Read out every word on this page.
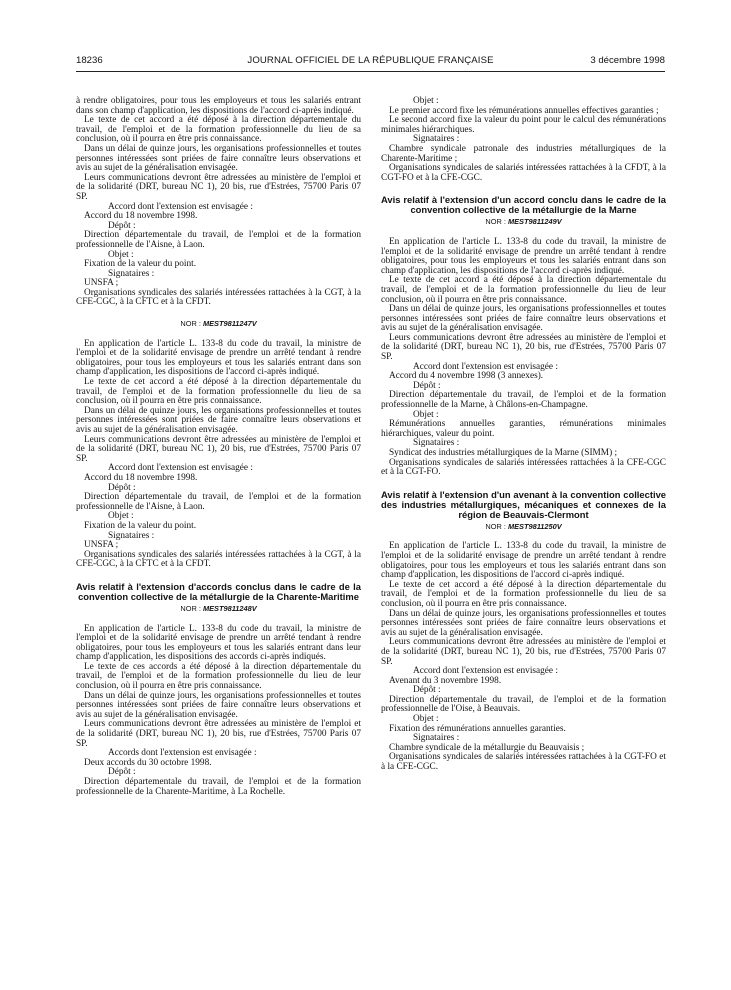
18236	JOURNAL OFFICIEL DE LA RÉPUBLIQUE FRANÇAISE	3 décembre 1998

à rendre obligatoires, pour tous les employeurs et tous les salariés entrant dans son champ d'application, les dispositions de l'accord ci-après indiqué.

Le texte de cet accord a été déposé à la direction départementale du travail, de l'emploi et de la formation professionnelle du lieu de sa conclusion, où il pourra en être pris connaissance.

Dans un délai de quinze jours, les organisations professionnelles et toutes personnes intéressées sont priées de faire connaître leurs observations et avis au sujet de la généralisation envisagée.

Leurs communications devront être adressées au ministère de l'emploi et de la solidarité (DRT, bureau NC 1), 20 bis, rue d'Estrées, 75700 Paris 07 SP.

Accord dont l'extension est envisagée :

Accord du 18 novembre 1998.

Dépôt :

Direction départementale du travail, de l'emploi et de la formation professionnelle de l'Aisne, à Laon.

Objet :

Fixation de la valeur du point.

Signataires :

UNSFA ;

Organisations syndicales des salariés intéressées rattachées à la CGT, à la CFE-CGC, à la CFTC et à la CFDT.

NOR : MEST9811247V

En application de l'article L. 133-8 du code du travail, la ministre de l'emploi et de la solidarité envisage de prendre un arrêté tendant à rendre obligatoires, pour tous les employeurs et tous les salariés entrant dans son champ d'application, les dispositions de l'accord ci-après indiqué.

Le texte de cet accord a été déposé à la direction départementale du travail, de l'emploi et de la formation professionnelle du lieu de sa conclusion, où il pourra en être pris connaissance.

Dans un délai de quinze jours, les organisations professionnelles et toutes personnes intéressées sont priées de faire connaître leurs observations et avis au sujet de la généralisation envisagée.

Leurs communications devront être adressées au ministère de l'emploi et de la solidarité (DRT, bureau NC 1), 20 bis, rue d'Estrées, 75700 Paris 07 SP.

Accord dont l'extension est envisagée :

Accord du 18 novembre 1998.

Dépôt :

Direction départementale du travail, de l'emploi et de la formation professionnelle de l'Aisne, à Laon.

Objet :

Fixation de la valeur du point.

Signataires :

UNSFA ;

Organisations syndicales des salariés intéressées rattachées à la CGT, à la CFE-CGC, à la CFTC et à la CFDT.

Avis relatif à l'extension d'accords conclus dans le cadre de la convention collective de la métallurgie de la Charente-Maritime

NOR : MEST9811248V

En application de l'article L. 133-8 du code du travail, la ministre de l'emploi et de la solidarité envisage de prendre un arrêté tendant à rendre obligatoires, pour tous les employeurs et tous les salariés entrant dans leur champ d'application, les dispositions des accords ci-après indiqués.

Le texte de ces accords a été déposé à la direction départementale du travail, de l'emploi et de la formation professionnelle du lieu de leur conclusion, où il pourra en être pris connaissance.

Dans un délai de quinze jours, les organisations professionnelles et toutes personnes intéressées sont priées de faire connaître leurs observations et avis au sujet de la généralisation envisagée.

Leurs communications devront être adressées au ministère de l'emploi et de la solidarité (DRT, bureau NC 1), 20 bis, rue d'Estrées, 75700 Paris 07 SP.

Accords dont l'extension est envisagée :

Deux accords du 30 octobre 1998.

Dépôt :

Direction départementale du travail, de l'emploi et de la formation professionnelle de la Charente-Maritime, à La Rochelle.

Objet :

Le premier accord fixe les rémunérations annuelles effectives garanties ;

Le second accord fixe la valeur du point pour le calcul des rémunérations minimales hiérarchiques.

Signataires :

Chambre syndicale patronale des industries métallurgiques de la Charente-Maritime ;

Organisations syndicales de salariés intéressées rattachées à la CFDT, à la CGT-FO et à la CFE-CGC.

Avis relatif à l'extension d'un accord conclu dans le cadre de la convention collective de la métallurgie de la Marne

NOR : MEST9811249V

En application de l'article L. 133-8 du code du travail, la ministre de l'emploi et de la solidarité envisage de prendre un arrêté tendant à rendre obligatoires, pour tous les employeurs et tous les salariés entrant dans son champ d'application, les dispositions de l'accord ci-après indiqué.

Le texte de cet accord a été déposé à la direction départementale du travail, de l'emploi et de la formation professionnelle du lieu de leur conclusion, où il pourra en être pris connaissance.

Dans un délai de quinze jours, les organisations professionnelles et toutes personnes intéressées sont priées de faire connaître leurs observations et avis au sujet de la généralisation envisagée.

Leurs communications devront être adressées au ministère de l'emploi et de la solidarité (DRT, bureau NC 1), 20 bis, rue d'Estrées, 75700 Paris 07 SP.

Accord dont l'extension est envisagée :

Accord du 4 novembre 1998 (3 annexes).

Dépôt :

Direction départementale du travail, de l'emploi et de la formation professionnelle de la Marne, à Châlons-en-Champagne.

Objet :

Rémunérations annuelles garanties, rémunérations minimales hiérarchiques, valeur du point.

Signataires :

Syndicat des industries métallurgiques de la Marne (SIMM) ;

Organisations syndicales de salariés intéressées rattachées à la CFE-CGC et à la CGT-FO.

Avis relatif à l'extension d'un avenant à la convention collective des industries métallurgiques, mécaniques et connexes de la région de Beauvais-Clermont

NOR : MEST9811250V

En application de l'article L. 133-8 du code du travail, la ministre de l'emploi et de la solidarité envisage de prendre un arrêté tendant à rendre obligatoires, pour tous les employeurs et tous les salariés entrant dans son champ d'application, les dispositions de l'accord ci-après indiqué.

Le texte de cet accord a été déposé à la direction départementale du travail, de l'emploi et de la formation professionnelle du lieu de sa conclusion, où il pourra en être pris connaissance.

Dans un délai de quinze jours, les organisations professionnelles et toutes personnes intéressées sont priées de faire connaître leurs observations et avis au sujet de la généralisation envisagée.

Leurs communications devront être adressées au ministère de l'emploi et de la solidarité (DRT, bureau NC 1), 20 bis, rue d'Estrées, 75700 Paris 07 SP.

Accord dont l'extension est envisagée :

Avenant du 3 novembre 1998.

Dépôt :

Direction départementale du travail, de l'emploi et de la formation professionnelle de l'Oise, à Beauvais.

Objet :

Fixation des rémunérations annuelles garanties.

Signataires :

Chambre syndicale de la métallurgie du Beauvaisis ;

Organisations syndicales de salariés intéressées rattachées à la CGT-FO et à la CFE-CGC.
